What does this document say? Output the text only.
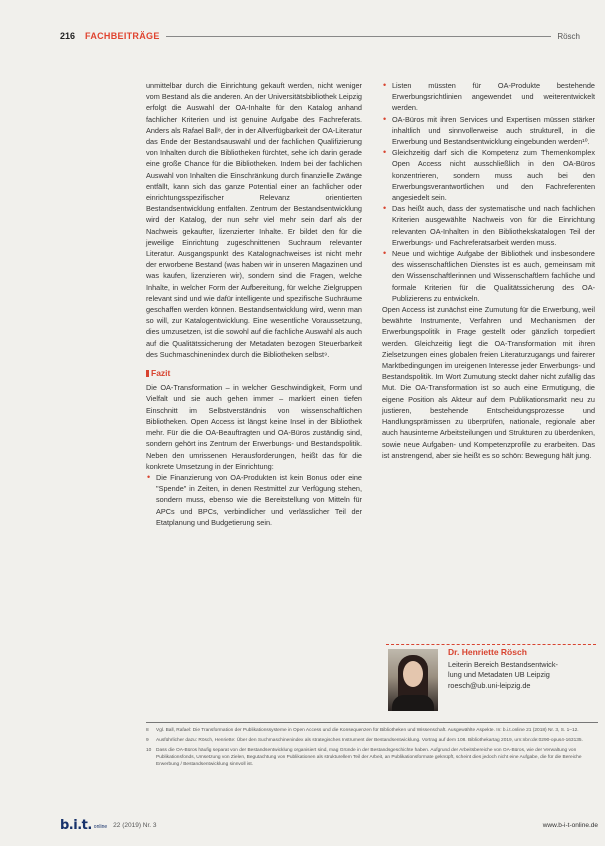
216 FACHBEITRÄGE	Rösch

unmittelbar durch die Einrichtung gekauft werden, nicht weniger vom Bestand als die anderen. An der Universitätsbibliothek Leipzig erfolgt die Auswahl der OA-Inhalte für den Katalog anhand fachlicher Kriterien und ist genuine Aufgabe des Fachreferats. Anders als Rafael Ball⁸, der in der Allverfügbarkeit der OA-Literatur das Ende der Bestandsauswahl und der fachlichen Qualifizierung von Inhalten durch die Bibliotheken fürchtet, sehe ich darin gerade eine große Chance für die Bibliotheken. Indem bei der fachlichen Auswahl von Inhalten die Einschränkung durch finanzielle Zwänge entfällt, kann sich das ganze Potential einer an fachlicher oder einrichtungsspezifischer Relevanz orientierten Bestandsentwicklung entfalten. Zentrum der Bestandsentwicklung wird der Katalog, der nun sehr viel mehr sein darf als der Nachweis gekaufter, lizenzierter Inhalte. Er bildet den für die jeweilige Einrichtung zugeschnittenen Suchraum relevanter Literatur. Ausgangspunkt des Katalognachweises ist nicht mehr der erworbene Bestand (was haben wir in unseren Magazinen und was kaufen, lizenzieren wir), sondern sind die Fragen, welche Inhalte, in welcher Form der Aufbereitung, für welche Zielgruppen relevant sind und wie dafür intelligente und spezifische Suchräume geschaffen werden können. Bestandsentwicklung wird, wenn man so will, zur Katalogentwicklung. Eine wesentliche Voraussetzung, dies umzusetzen, ist die sowohl auf die fachliche Auswahl als auch auf die Qualitätssicherung der Metadaten bezogen Steuerbarkeit des Suchmaschinenindex durch die Bibliotheken selbst⁹.

Fazit

Die OA-Transformation – in welcher Geschwindigkeit, Form und Vielfalt und sie auch gehen immer – markiert einen tiefen Einschnitt im Selbstverständnis von wissenschaftlichen Bibliotheken. Open Access ist längst keine Insel in der Bibliothek mehr. Für die die OA-Beauftragten und OA-Büros zuständig sind, sondern gehört ins Zentrum der Erwerbungs- und Bestandspolitik. Neben den umrissenen Herausforderungen, heißt das für die konkrete Umsetzung in der Einrichtung:

• Die Finanzierung von OA-Produkten ist kein Bonus oder eine "Spende" in Zeiten, in denen Restmittel zur Verfügung stehen, sondern muss, ebenso wie die Bereitstellung von Mitteln für APCs und BPCs, verbindlicher und verlässlicher Teil der Etatplanung und Budgetierung sein.
• Listen müssten für OA-Produkte bestehende Erwerbungsrichtlinien angewendet und weiterentwickelt werden.
• OA-Büros mit ihren Services und Expertisen müssen stärker inhaltlich und sinnvollerweise auch strukturell, in die Erwerbung und Bestandsentwicklung eingebunden werden¹⁰.
• Gleichzeitig darf sich die Kompetenz zum Themenkomplex Open Access nicht ausschließlich in den OA-Büros konzentrieren, sondern muss auch bei den Erwerbungsverantwortlichen und den Fachreferenten angesiedelt sein.
• Das heißt auch, dass der systematische und nach fachlichen Kriterien ausgewählte Nachweis von für die Einrichtung relevanten OA-Inhalten in den Bibliothekskatalogen Teil der Erwerbungs- und Fachreferatsarbeit werden muss.
• Neue und wichtige Aufgabe der Bibliothek und insbesondere des wissenschaftlichen Dienstes ist es auch, gemeinsam mit den Wissenschaftlerinnen und Wissenschaftlern fachliche und formale Kriterien für die Qualitätssicherung des OA-Publizierens zu entwickeln.

Open Access ist zunächst eine Zumutung für die Erwerbung, weil bewährte Instrumente, Verfahren und Mechanismen der Erwerbungspolitik in Frage gestellt oder gänzlich torpediert werden. Gleichzeitig liegt die OA-Transformation mit ihren Zielsetzungen eines globalen freien Literaturzugangs und fairerer Marktbedingungen im ureigenen Interesse jeder Erwerbungs- und Bestandspolitik. Im Wort Zumutung steckt daher nicht zufällig das Mut. Die OA-Transformation ist so auch eine Ermutigung, die eigene Position als Akteur auf dem Publikationsmarkt neu zu justieren, bestehende Entscheidungsprozesse und Handlungsprämissen zu überprüfen, nationale, regionale aber auch hausinterne Arbeitsteilungen und Strukturen zu überdenken, sowie neue Aufgaben- und Kompetenzprofile zu erarbeiten. Das ist anstrengend, aber sie heißt es so schön: Bewegung hält jung.

Dr. Henriette Rösch
Leiterin Bereich Bestandsentwick-
lung und Metadaten UB Leipzig
roesch@ub.uni-leipzig.de
8	Vgl. Ball, Rafael: Die Transformation der Publikationssysteme in Open Access und die Konsequenzen für Bibliotheken und Wissenschaft. Ausgewählte Aspekte. In: b.i.t.online 21 (2018) Nr. 3, S. 1–12.
9	Ausführlicher dazu: Rösch, Henriette: Über den Suchmaschinenindex als strategisches Instrument der Bestandsentwicklung. Vortrag auf dem 108. Bibliothekartag 2019, urn:nbn:de:0290-opus4-163135.
10 Dass die OA-Büros häufig separat von der Bestandsentwicklung organisiert sind, mag Gründe in der Bestandsgeschichte haben. Aufgrund der Arbeitsbereiche von OA-Büros, wie der Verwaltung von Publikationsfonds, Umsetzung von Zielen, Begutachtung von Publikationen als strukturellem Teil der Arbeit, an Publikationsformate geknüpft, scheint dies jedoch nicht eine Aufgabe, die für die Bereiche Erwerbung / Bestandsentwicklung sinnvoll ist.
b.i.t. online 22 (2019) Nr. 3	www.b-i-t-online.de
